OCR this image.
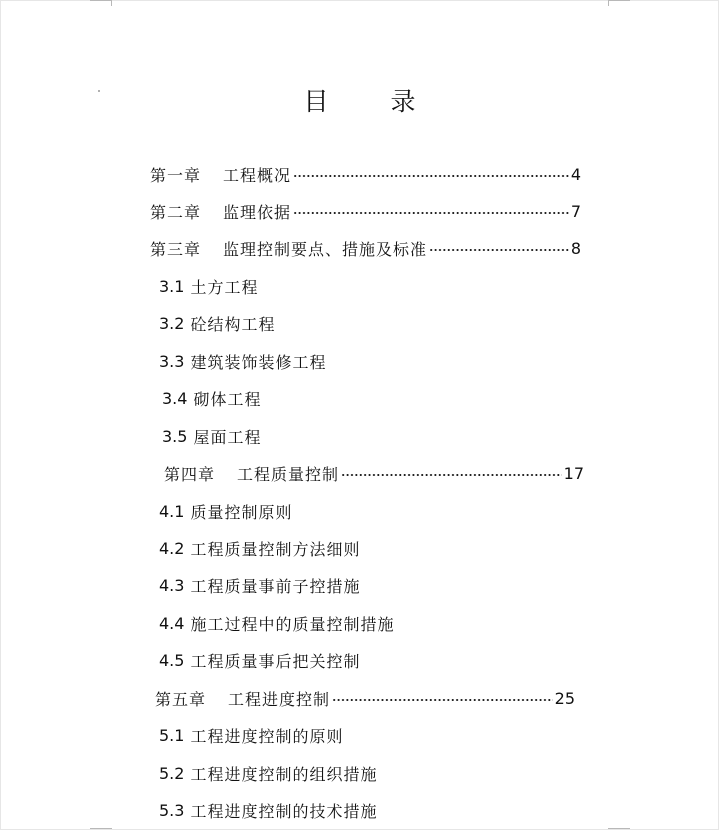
目 录
第一章 工程概况	4
第二章 监理依据	7
第三章 监理控制要点、措施及标准	8
3.1 土方工程
3.2 砼结构工程
3.3 建筑装饰装修工程
3.4 砌体工程
3.5 屋面工程
第四章 工程质量控制	17
4.1 质量控制原则
4.2 工程质量控制方法细则
4.3 工程质量事前子控措施
4.4 施工过程中的质量控制措施
4.5 工程质量事后把关控制
第五章 工程进度控制	25
5.1 工程进度控制的原则
5.2 工程进度控制的组织措施
5.3 工程进度控制的技术措施
